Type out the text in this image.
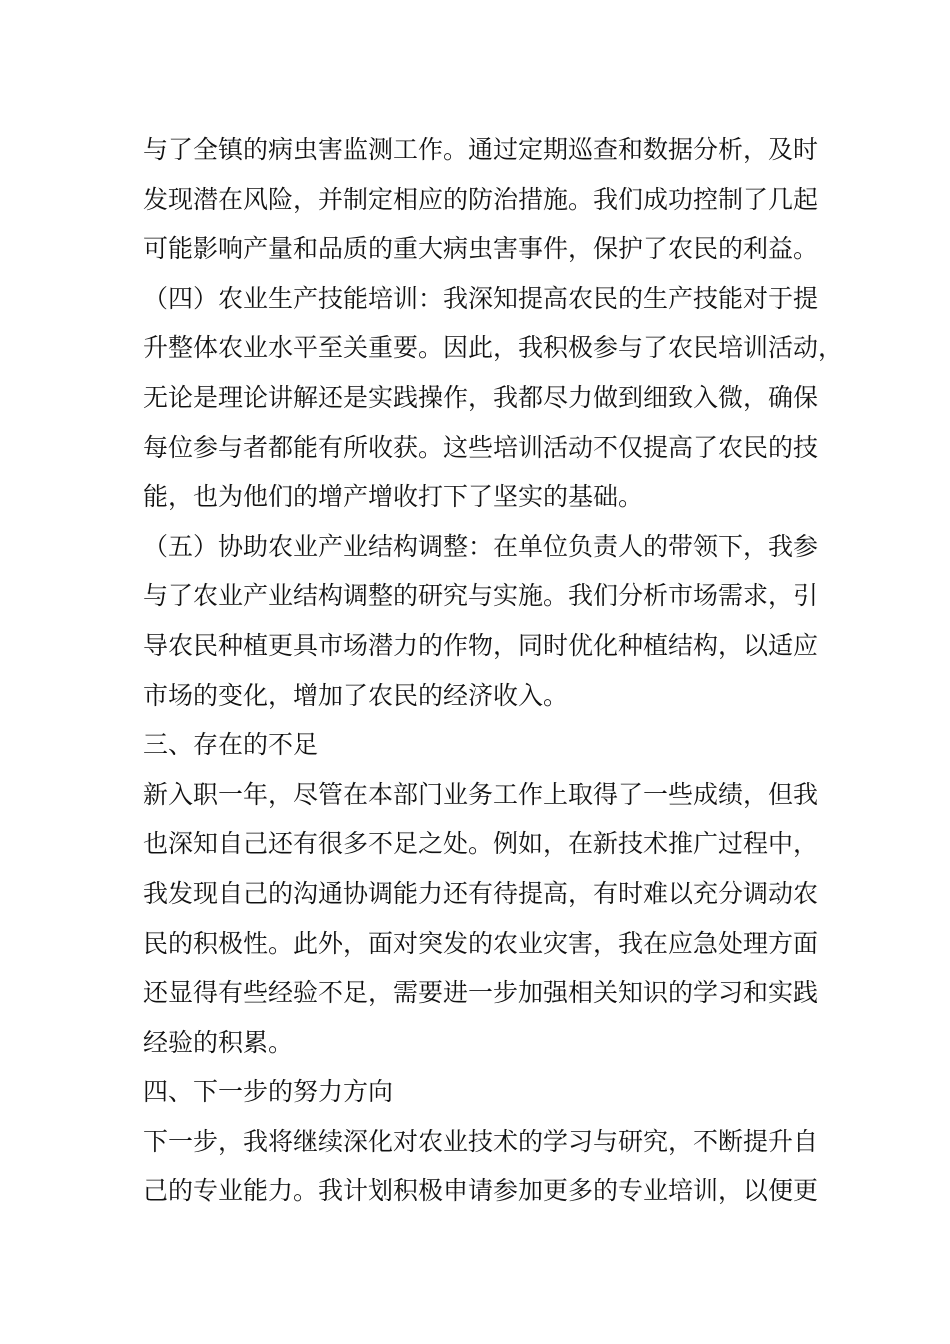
与了全镇的病虫害监测工作。通过定期巡查和数据分析，及时
发现潜在风险，并制定相应的防治措施。我们成功控制了几起
可能影响产量和品质的重大病虫害事件，保护了农民的利益。
（四）农业生产技能培训：我深知提高农民的生产技能对于提
升整体农业水平至关重要。因此，我积极参与了农民培训活动，
无论是理论讲解还是实践操作，我都尽力做到细致入微，确保
每位参与者都能有所收获。这些培训活动不仅提高了农民的技
能，也为他们的增产增收打下了坚实的基础。
（五）协助农业产业结构调整：在单位负责人的带领下，我参
与了农业产业结构调整的研究与实施。我们分析市场需求，引
导农民种植更具市场潜力的作物，同时优化种植结构，以适应
市场的变化，增加了农民的经济收入。
三、存在的不足
新入职一年，尽管在本部门业务工作上取得了一些成绩，但我
也深知自己还有很多不足之处。例如，在新技术推广过程中，
我发现自己的沟通协调能力还有待提高，有时难以充分调动农
民的积极性。此外，面对突发的农业灾害，我在应急处理方面
还显得有些经验不足，需要进一步加强相关知识的学习和实践
经验的积累。
四、下一步的努力方向
下一步，我将继续深化对农业技术的学习与研究，不断提升自
己的专业能力。我计划积极申请参加更多的专业培训，以便更
